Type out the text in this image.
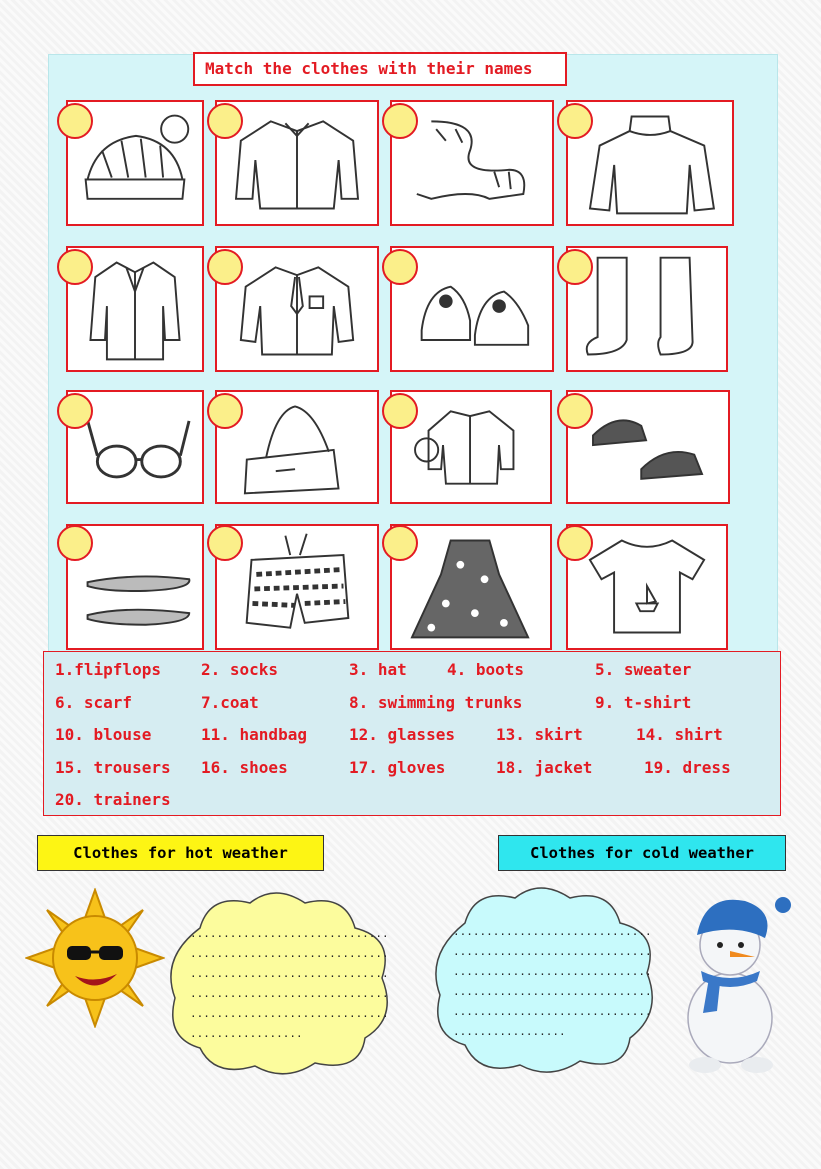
Match the clothes with their names
1.flipflops	2. socks	3. hat	4. boots	5. sweater
6. scarf	7.coat	8. swimming trunks	9. t-shirt
10. blouse	11. handbag	12. glasses	13. skirt	14. shirt
15. trousers 16. shoes	17. gloves	18. jacket	19. dress
20. trainers
Clothes for hot weather	Clothes for cold weather
..............................
..............................
..............................
..............................
..............................
.................
..............................
..............................
..............................
..............................
..............................
.................
